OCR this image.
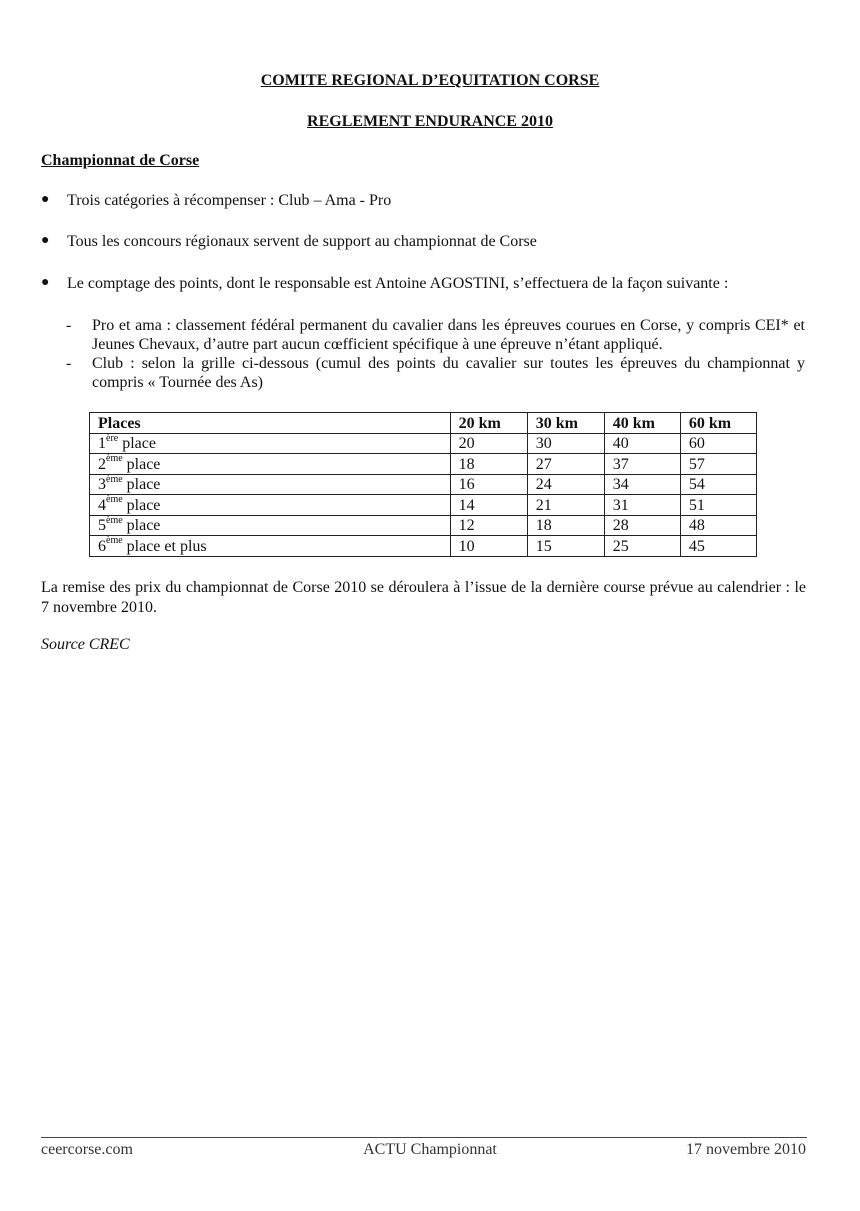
COMITE REGIONAL D’EQUITATION CORSE
REGLEMENT ENDURANCE 2010
Championnat de Corse
● Trois catégories à récompenser : Club – Ama - Pro
● Tous les concours régionaux servent de support au championnat de Corse
● Le comptage des points, dont le responsable est Antoine AGOSTINI, s’effectuera de la façon suivante :
- Pro et ama : classement fédéral permanent du cavalier dans les épreuves courues en Corse, y compris CEI* et Jeunes Chevaux, d’autre part aucun cœfficient spécifique à une épreuve n’étant appliqué.
- Club : selon la grille ci-dessous (cumul des points du cavalier sur toutes les épreuves du championnat y compris « Tournée des As)
Places	20 km	30 km	40 km	60 km
1ère place	20	30	40	60
2ème place	18	27	37	57
3ème place	16	24	34	54
4ème place	14	21	31	51
5ème place	12	18	28	48
6ème place et plus	10	15	25	45
La remise des prix du championnat de Corse 2010 se déroulera à l’issue de la dernière course prévue au calendrier : le 7 novembre 2010.
Source CREC
ceercorse.com	ACTU Championnat	17 novembre 2010
